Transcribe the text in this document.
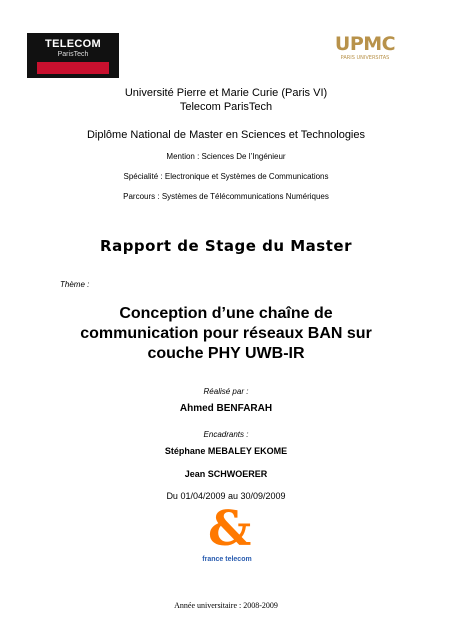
TELECOM
ParisTech	UPMC
PARIS UNIVERSITAS
Université Pierre et Marie Curie (Paris VI)
Telecom ParisTech
Diplôme National de Master en Sciences et Technologies
Mention : Sciences De l’Ingénieur
Spécialité : Electronique et Systèmes de Communications
Parcours : Systèmes de Télécommunications Numériques
Rapport de Stage du Master
Thème :
Conception d’une chaîne de
communication pour réseaux BAN sur
couche PHY UWB-IR
Réalisé par :
Ahmed BENFARAH
Encadrants :
Stéphane MEBALEY EKOME
Jean SCHWOERER
Du 01/04/2009 au 30/09/2009
&
france telecom
Année universitaire : 2008-2009
